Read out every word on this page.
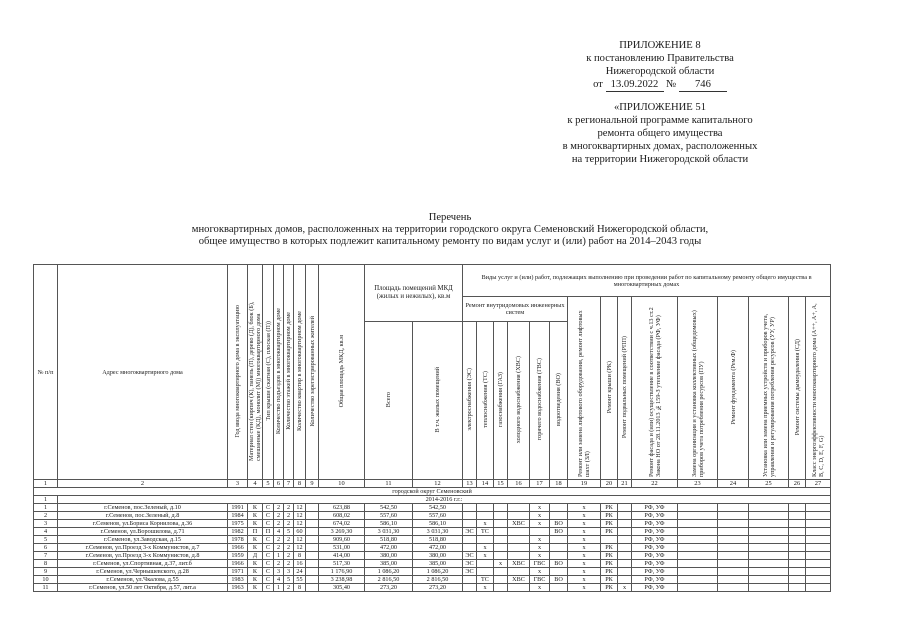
ПРИЛОЖЕНИЕ 8
к постановлению Правительства
Нижегородской области
от 13.09.2022 № 746
«ПРИЛОЖЕНИЕ 51
к региональной программе капитального
ремонта общего имущества
в многоквартирных домах, расположенных
на территории Нижегородской области
Перечень
многоквартирных домов, расположенных на территории городского округа Семеновский Нижегородской области,
общее имущество в которых подлежит капитальному ремонту по видам услуг и (или) работ на 2014–2043 годы
№ п/п	Адрес многоквартирного дома	Год ввода многоквартирного дома в эксплуатацию	Материал стен (кирпич (К), панель (П), дерево (Д), блок (Б), смешанные (КД), монолит (М)) многоквартирного дома	Тип крыши (скатная (С), плоская (П))	Количество подъездов в многоквартирном доме	Количество этажей в многоквартирном доме	Количество квартир в многоквартирном доме	Количество зарегистрированных жителей	Общая площадь МКД, кв.м	Площадь помещений МКД (жилых и нежилых), кв.м		Виды услуг и (или) работ, подлежащих выполнению при проведении работ по капитальному ремонту общего имущества в многоквартирных домах														
												Ремонт внутридомовых инженерных систем						Ремонт или замена лифтового оборудования, ремонт лифтовых шахт (ЗЛ)	Ремонт крыши (РК)	Ремонт подвальных помещений (РПП)	Ремонт фасада и (или) осуществление в соответствии с ч.13 ст.2 Закона НО от 28.11.2013 №159-З утепление фасада (РФ, УФ)	Замена организация и установка коллективных (общедомовых) приборов учета потребления ресурсов (ПУ)	Ремонт фундамента (Рем.Ф)	Установка или замена приемных устройств и приборов учета, управления и регулирования потребления ресурсов (УУ, УР)	Ремонт системы дымоудаления (СД)	Класс энергоэффективности многоквартирного дома (A++, A+, A, B, C, D, E, F, G)
										Всего	В т.ч. жилых помещений	электроснабжения (ЭС)	теплоснабжения (ТС)	газоснабжения (ГАЗ)	холодного водоснабжения (ХВС)	горячего водоснабжения (ГВС)	водоотведения (ВО)									
1	2	3	4	5	6	7	8	9	10	11	12	13	14	15	16	17	18	19	20	21	22	23	24	25	26	27
городской округ Семеновский																										
1	2014-2016 г.г.:																									
1	г.Семенов, пос.Зеленый, д.10	1991	К	С	2	2	12		623,88	542,50	542,50					х		х	РК		РФ, УФ					
2	г.Семенов, пос.Зеленый, д.8	1984	К	С	2	2	12		608,02	557,60	557,60					х		х	РК		РФ, УФ					
3	г.Семенов, ул.Бориса Корнилова, д.36	1975	К	С	2	2	12		674,02	586,10	586,10		х		ХВС	х	ВО	х	РК		РФ, УФ					
4	г.Семенов, ул.Ворошилова, д.71	1982	П	П	4	5	60		3 269,30	3 031,30	3 031,30	ЭС	ТС				ВО	х	РК		РФ, УФ					
5	г.Семенов, ул.Заводская, д.15	1978	К	С	2	2	12		909,60	518,80	518,80					х		х			РФ, УФ					
6	г.Семенов, ул.Проезд 3-х Коммунистов, д.7	1966	К	С	2	2	12		531,00	472,00	472,00		х			х		х	РК		РФ, УФ					
7	г.Семенов, ул.Проезд 3-х Коммунистов, д.8	1959	Д	С	1	2	8		414,00	380,00	380,00	ЭС	х			х		х	РК		РФ, УФ					
8	г.Семенов, ул.Спортивная, д.37, лит.б	1966	К	С	2	2	16		517,30	385,00	385,00	ЭС		х	ХВС	ГВС	ВО	х	РК		РФ, УФ					
9	г.Семенов, ул.Чернышевского, д.28	1971	К	С	3	3	24		1 176,90	1 086,20	1 086,20	ЭС				х		х	РК		РФ, УФ					
10	г.Семенов, ул.Чкалова, д.55	1983	К	С	4	5	55		3 238,98	2 816,50	2 816,50		ТС		ХВС	ГВС	ВО	х	РК		РФ, УФ					
11	г.Семенов, ул.50 лет Октября, д.57, лит.а	1963	К	С	1	2	8		305,40	273,20	273,20		х			х		х	РК	х	РФ, УФ					
